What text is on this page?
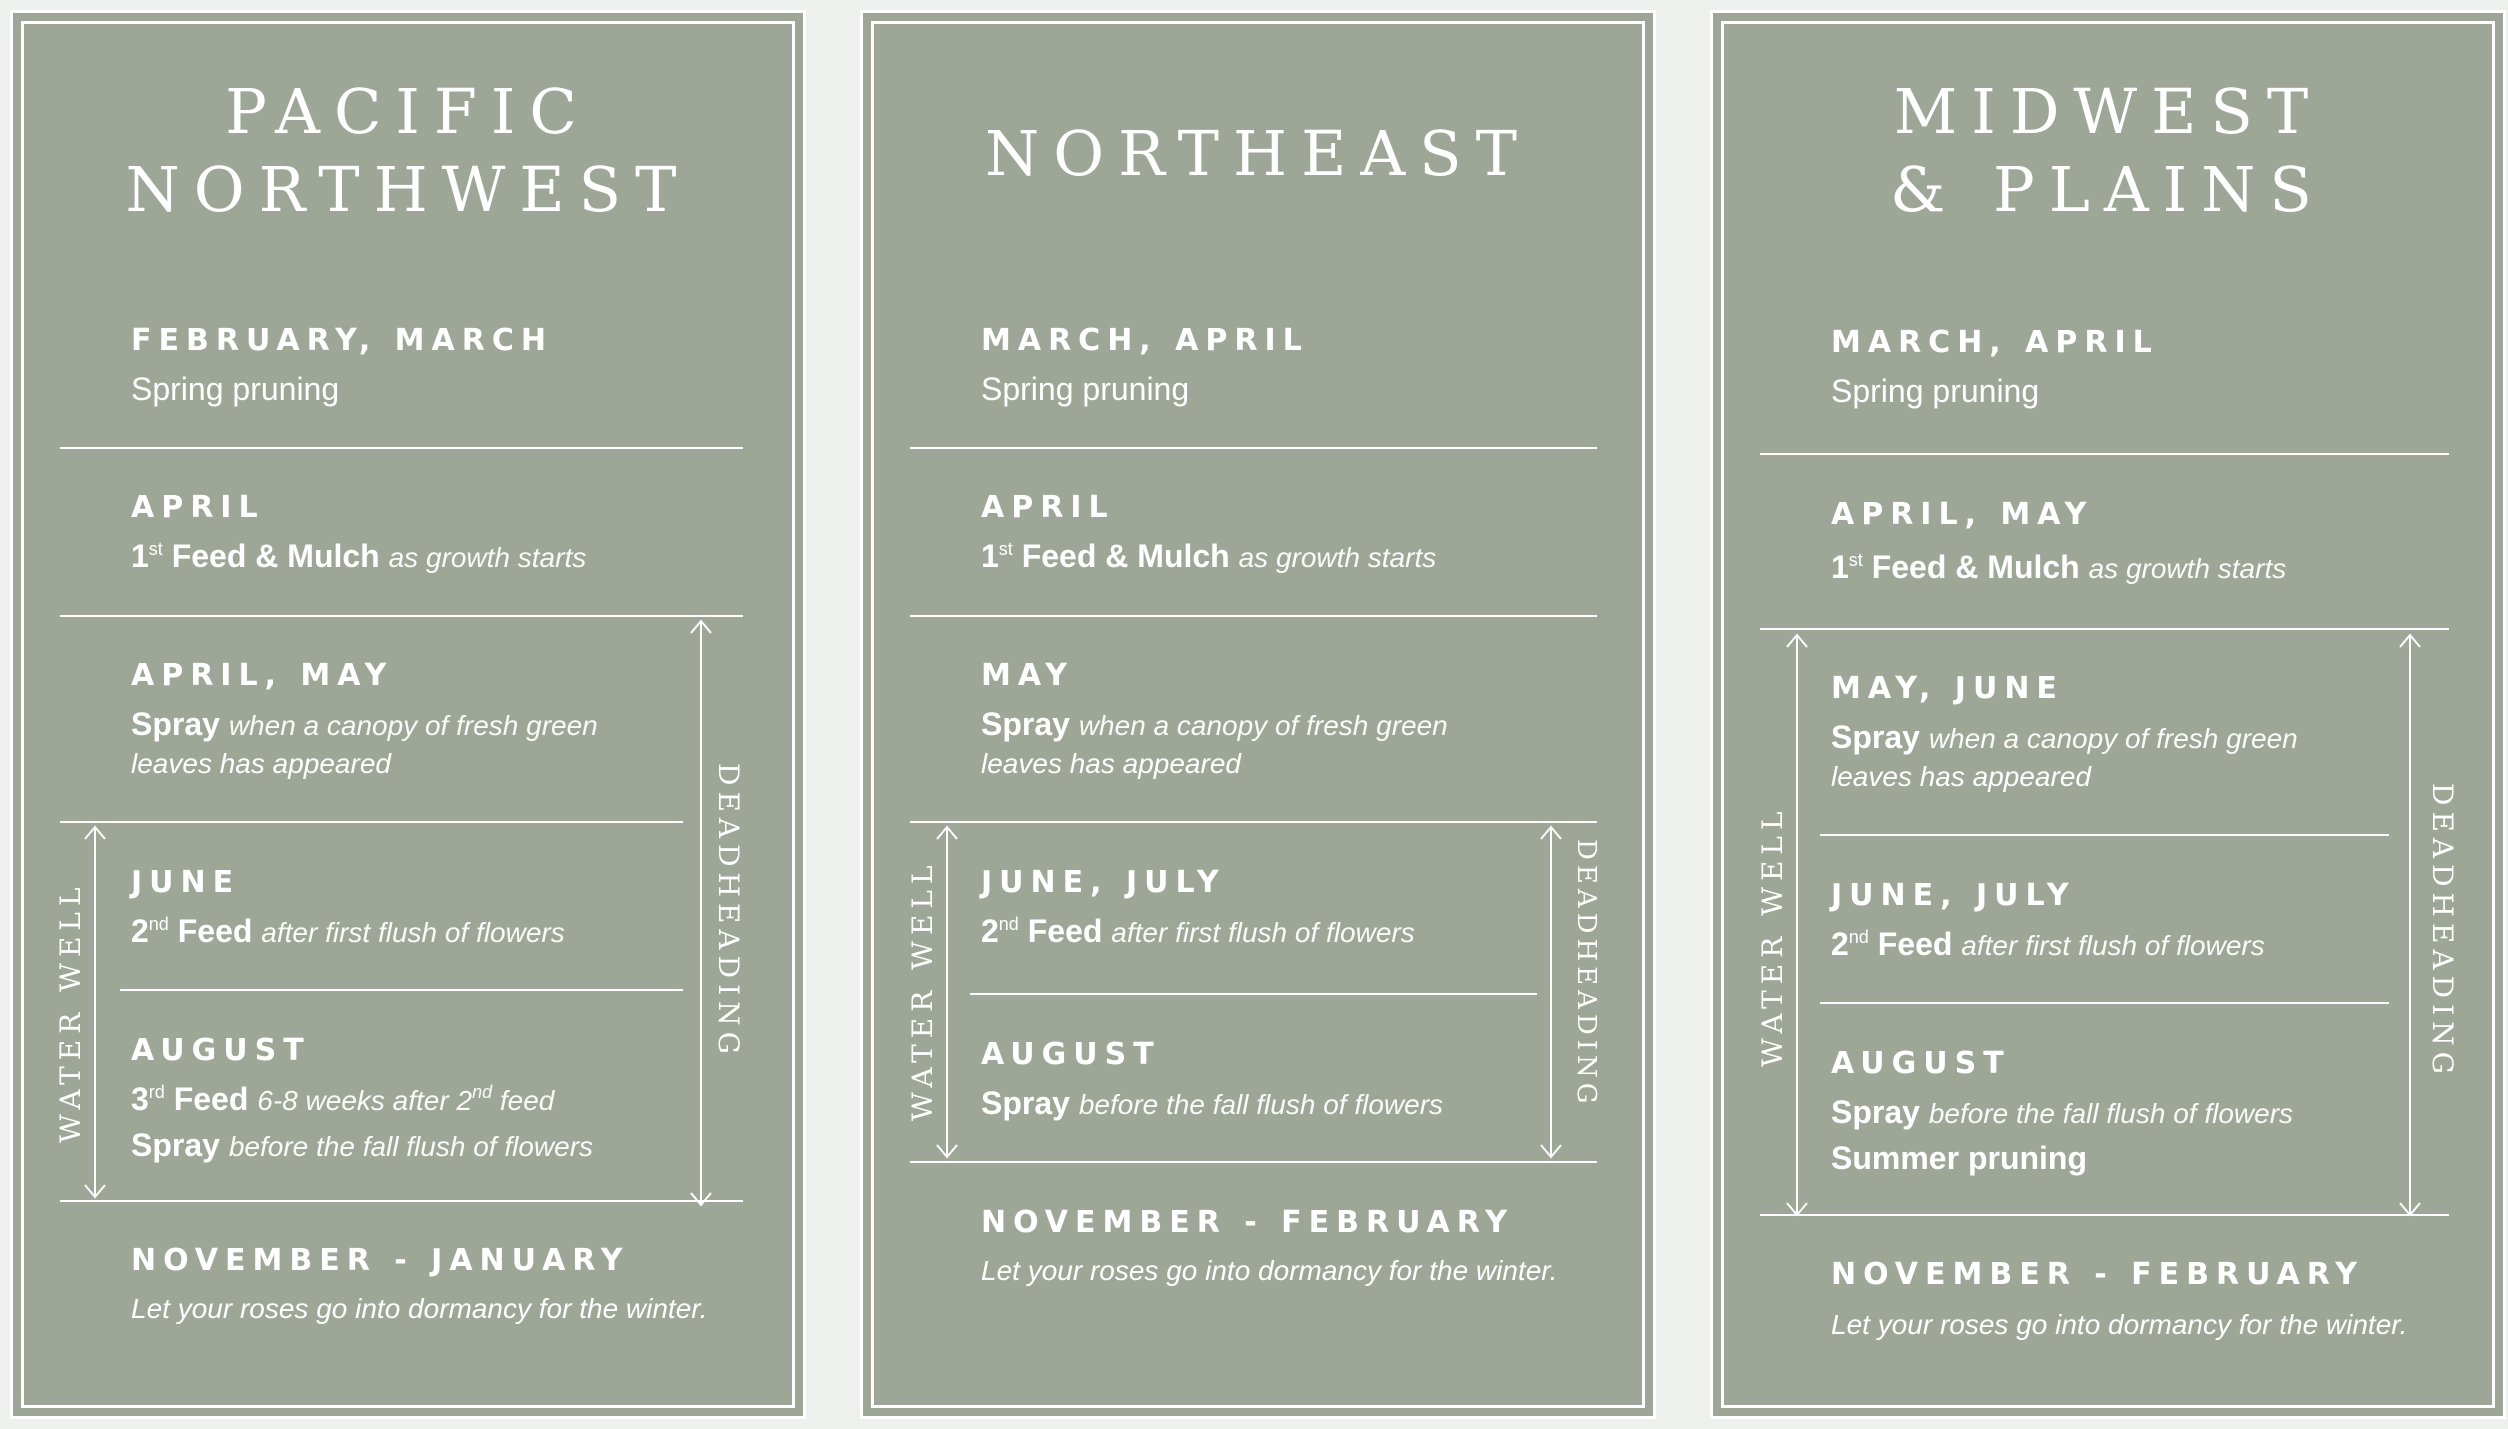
PACIFIC
NORTHWEST
FEBRUARY, MARCH
Spring pruning
APRIL
1st Feed & Mulch as growth starts
APRIL, MAY
Spray when a canopy of fresh green
leaves has appeared
JUNE
2nd Feed after first flush of flowers
AUGUST
3rd Feed 6-8 weeks after 2nd feed
Spray before the fall flush of flowers
NOVEMBER - JANUARY
Let your roses go into dormancy for the winter.
WATER WELL	DEADHEADING
NORTHEAST
MARCH, APRIL
Spring pruning
APRIL
1st Feed & Mulch as growth starts
MAY
Spray when a canopy of fresh green
leaves has appeared
JUNE, JULY
2nd Feed after first flush of flowers
AUGUST
Spray before the fall flush of flowers
NOVEMBER - FEBRUARY
Let your roses go into dormancy for the winter.
WATER WELL	DEADHEADING
MIDWEST
& PLAINS
MARCH, APRIL
Spring pruning
APRIL, MAY
1st Feed & Mulch as growth starts
MAY, JUNE
Spray when a canopy of fresh green
leaves has appeared
JUNE, JULY
2nd Feed after first flush of flowers
AUGUST
Spray before the fall flush of flowers
Summer pruning
NOVEMBER - FEBRUARY
Let your roses go into dormancy for the winter.
WATER WELL	DEADHEADING
